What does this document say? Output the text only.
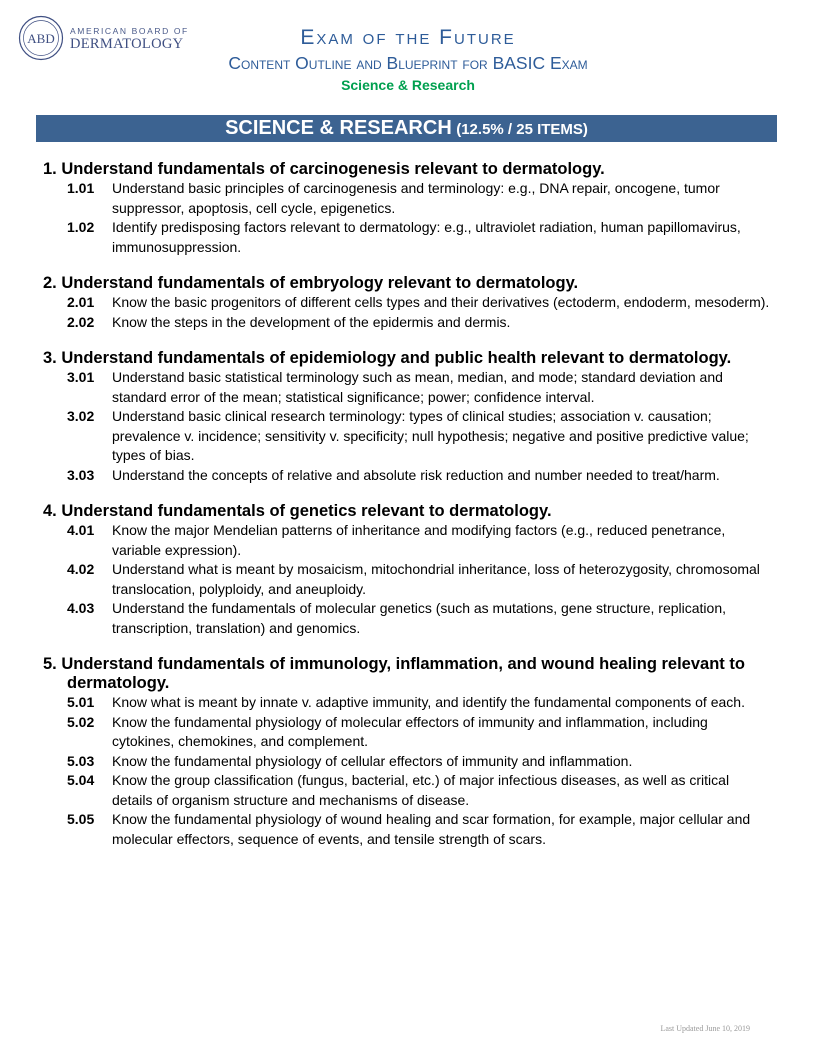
ABD AMERICAN BOARD OF
DERMATOLOGY	Exam of the Future
Content Outline and Blueprint for BASIC Exam
Science & Research
SCIENCE & RESEARCH (12.5% / 25 ITEMS)
1. Understand fundamentals of carcinogenesis relevant to dermatology.
1.01	Understand basic principles of carcinogenesis and terminology: e.g., DNA repair, oncogene, tumor suppressor, apoptosis, cell cycle, epigenetics.
1.02	Identify predisposing factors relevant to dermatology: e.g., ultraviolet radiation, human papillomavirus, immunosuppression.
2. Understand fundamentals of embryology relevant to dermatology.
2.01	Know the basic progenitors of different cells types and their derivatives (ectoderm, endoderm, mesoderm).
2.02	Know the steps in the development of the epidermis and dermis.
3. Understand fundamentals of epidemiology and public health relevant to dermatology.
3.01	Understand basic statistical terminology such as mean, median, and mode; standard deviation and standard error of the mean; statistical significance; power; confidence interval.
3.02	Understand basic clinical research terminology: types of clinical studies; association v. causation; prevalence v. incidence; sensitivity v. specificity; null hypothesis; negative and positive predictive value; types of bias.
3.03	Understand the concepts of relative and absolute risk reduction and number needed to treat/harm.
4. Understand fundamentals of genetics relevant to dermatology.
4.01	Know the major Mendelian patterns of inheritance and modifying factors (e.g., reduced penetrance, variable expression).
4.02	Understand what is meant by mosaicism, mitochondrial inheritance, loss of heterozygosity, chromosomal translocation, polyploidy, and aneuploidy.
4.03	Understand the fundamentals of molecular genetics (such as mutations, gene structure, replication, transcription, translation) and genomics.
5. Understand fundamentals of immunology, inflammation, and wound healing relevant to dermatology.
5.01	Know what is meant by innate v. adaptive immunity, and identify the fundamental components of each.
5.02	Know the fundamental physiology of molecular effectors of immunity and inflammation, including cytokines, chemokines, and complement.
5.03	Know the fundamental physiology of cellular effectors of immunity and inflammation.
5.04	Know the group classification (fungus, bacterial, etc.) of major infectious diseases, as well as critical details of organism structure and mechanisms of disease.
5.05	Know the fundamental physiology of wound healing and scar formation, for example, major cellular and molecular effectors, sequence of events, and tensile strength of scars.
Last Updated June 10, 2019
